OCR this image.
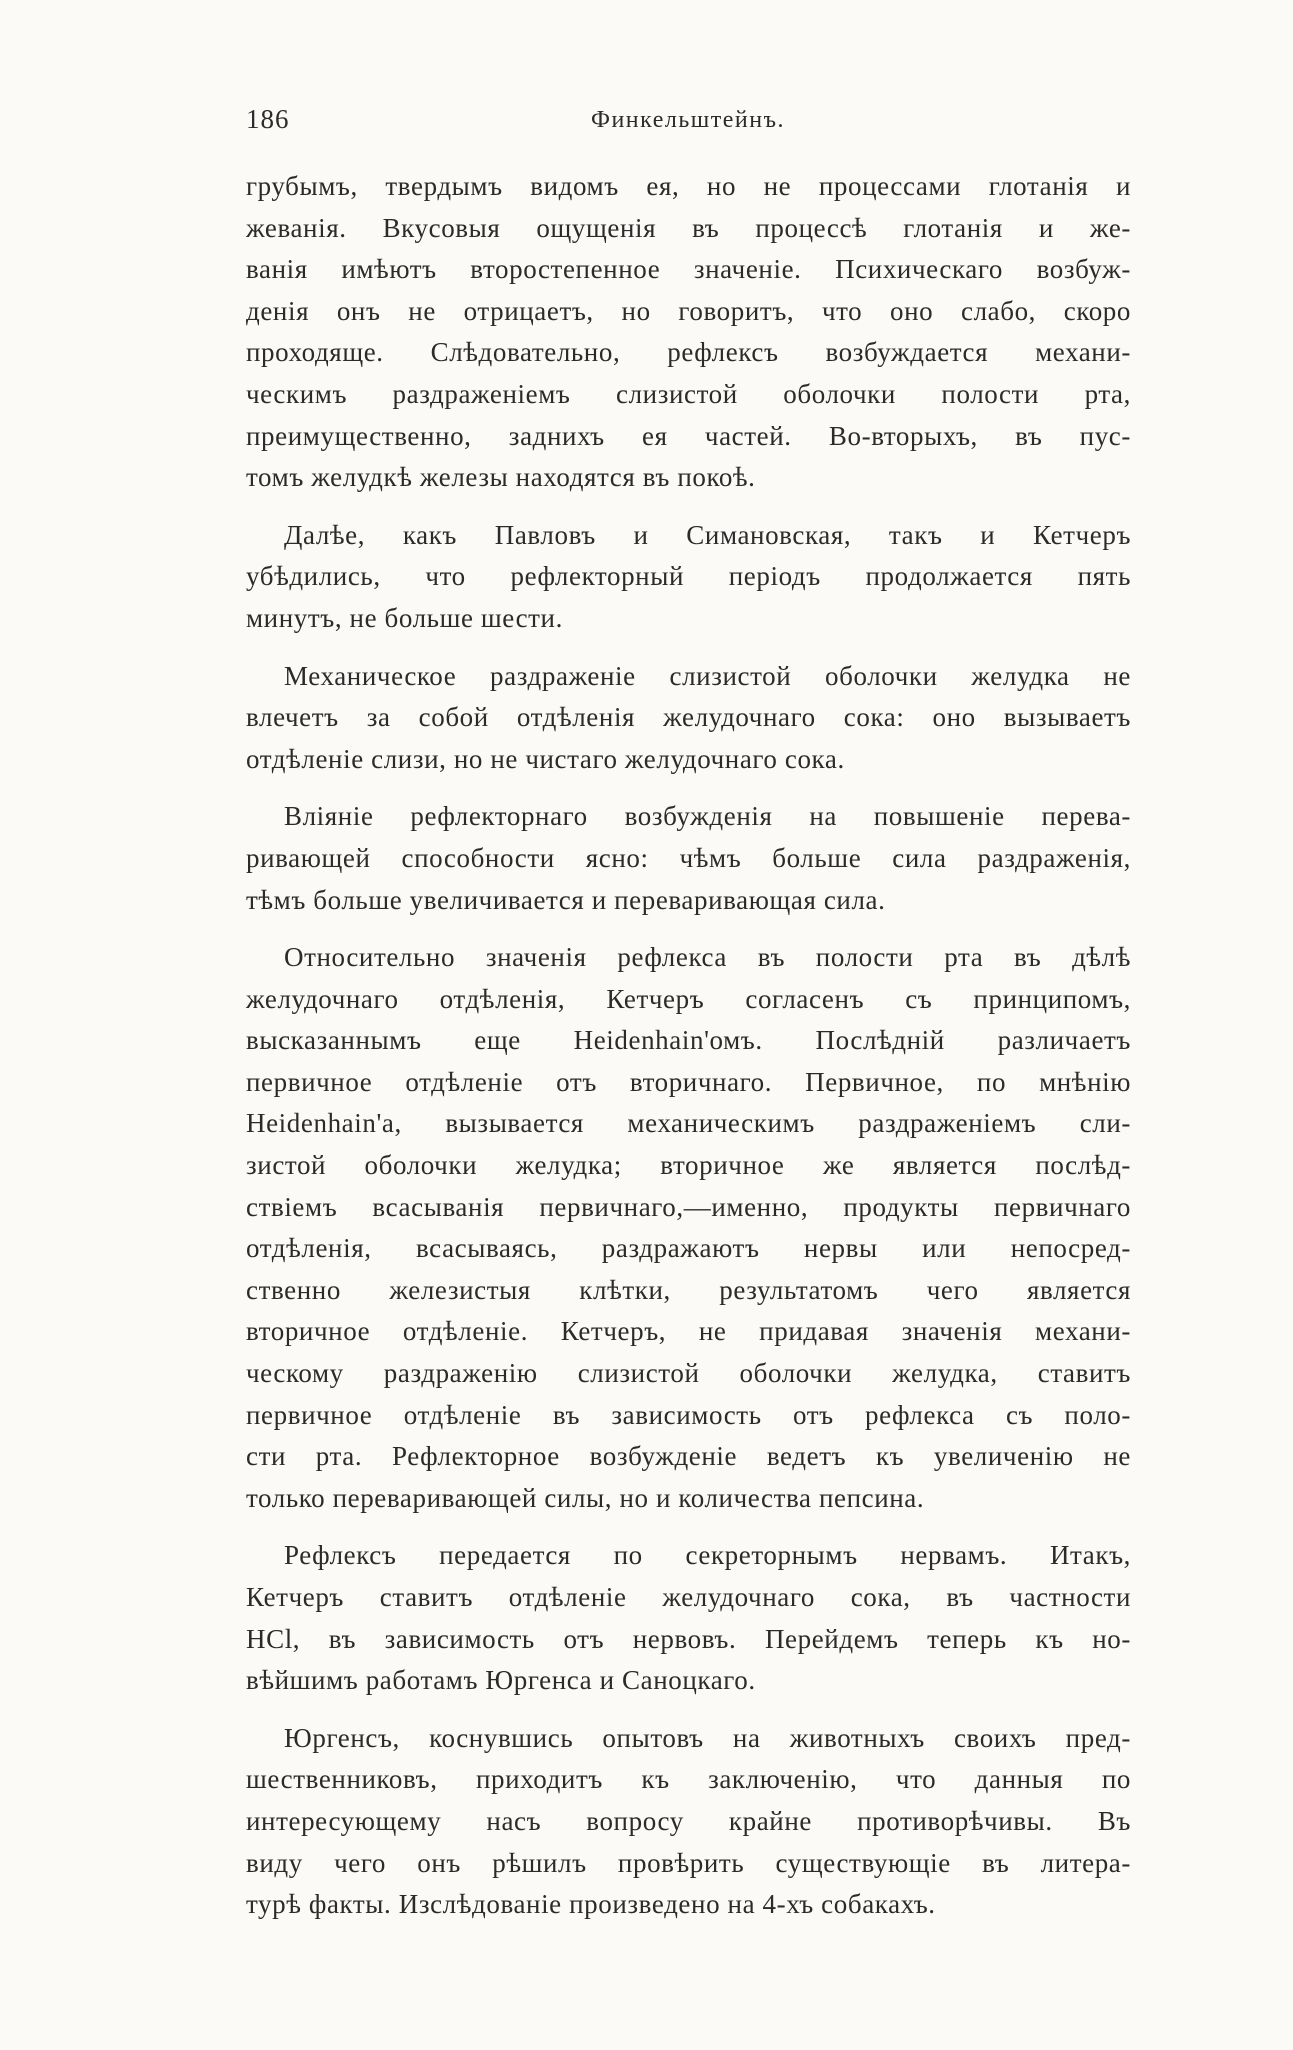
186	Финкельштейнъ.
грубымъ, твердымъ видомъ ея, но не процессами глотанія и
жеванія. Вкусовыя ощущенія въ процессѣ глотанія и же-
ванія имѣютъ второстепенное значеніе. Психическаго возбуж-
денія онъ не отрицаетъ, но говоритъ, что оно слабо, скоро
проходяще. Слѣдовательно, рефлексъ возбуждается механи-
ческимъ раздраженіемъ слизистой оболочки полости рта,
преимущественно, заднихъ ея частей. Во-вторыхъ, въ пус-
томъ желудкѣ железы находятся въ покоѣ.
Далѣе, какъ Павловъ и Симановская, такъ и Кетчеръ
убѣдились, что рефлекторный періодъ продолжается пять
минутъ, не больше шести.
Механическое раздраженіе слизистой оболочки желудка не
влечетъ за собой отдѣленія желудочнаго сока: оно вызываетъ
отдѣленіе слизи, но не чистаго желудочнаго сока.
Вліяніе рефлекторнаго возбужденія на повышеніе перева-
ривающей способности ясно: чѣмъ больше сила раздраженія,
тѣмъ больше увеличивается и переваривающая сила.
Относительно значенія рефлекса въ полости рта въ дѣлѣ
желудочнаго отдѣленія, Кетчеръ согласенъ съ принципомъ,
высказаннымъ еще Heidenhain'омъ. Послѣдній различаетъ
первичное отдѣленіе отъ вторичнаго. Первичное, по мнѣнію
Heidenhain'a, вызывается механическимъ раздраженіемъ сли-
зистой оболочки желудка; вторичное же является послѣд-
ствіемъ всасыванія первичнаго,—именно, продукты первичнаго
отдѣленія, всасываясь, раздражаютъ нервы или непосред-
ственно железистыя клѣтки, результатомъ чего является
вторичное отдѣленіе. Кетчеръ, не придавая значенія механи-
ческому раздраженію слизистой оболочки желудка, ставитъ
первичное отдѣленіе въ зависимость отъ рефлекса съ поло-
сти рта. Рефлекторное возбужденіе ведетъ къ увеличенію не
только переваривающей силы, но и количества пепсина.
Рефлексъ передается по секреторнымъ нервамъ. Итакъ,
Кетчеръ ставитъ отдѣленіе желудочнаго сока, въ частности
HCl, въ зависимость отъ нервовъ. Перейдемъ теперь къ но-
вѣйшимъ работамъ Юргенса и Саноцкаго.
Юргенсъ, коснувшись опытовъ на животныхъ своихъ пред-
шественниковъ, приходитъ къ заключенію, что данныя по
интересующему насъ вопросу крайне противорѣчивы. Въ
виду чего онъ рѣшилъ провѣрить существующіе въ литера-
турѣ факты. Изслѣдованіе произведено на 4-хъ собакахъ.
